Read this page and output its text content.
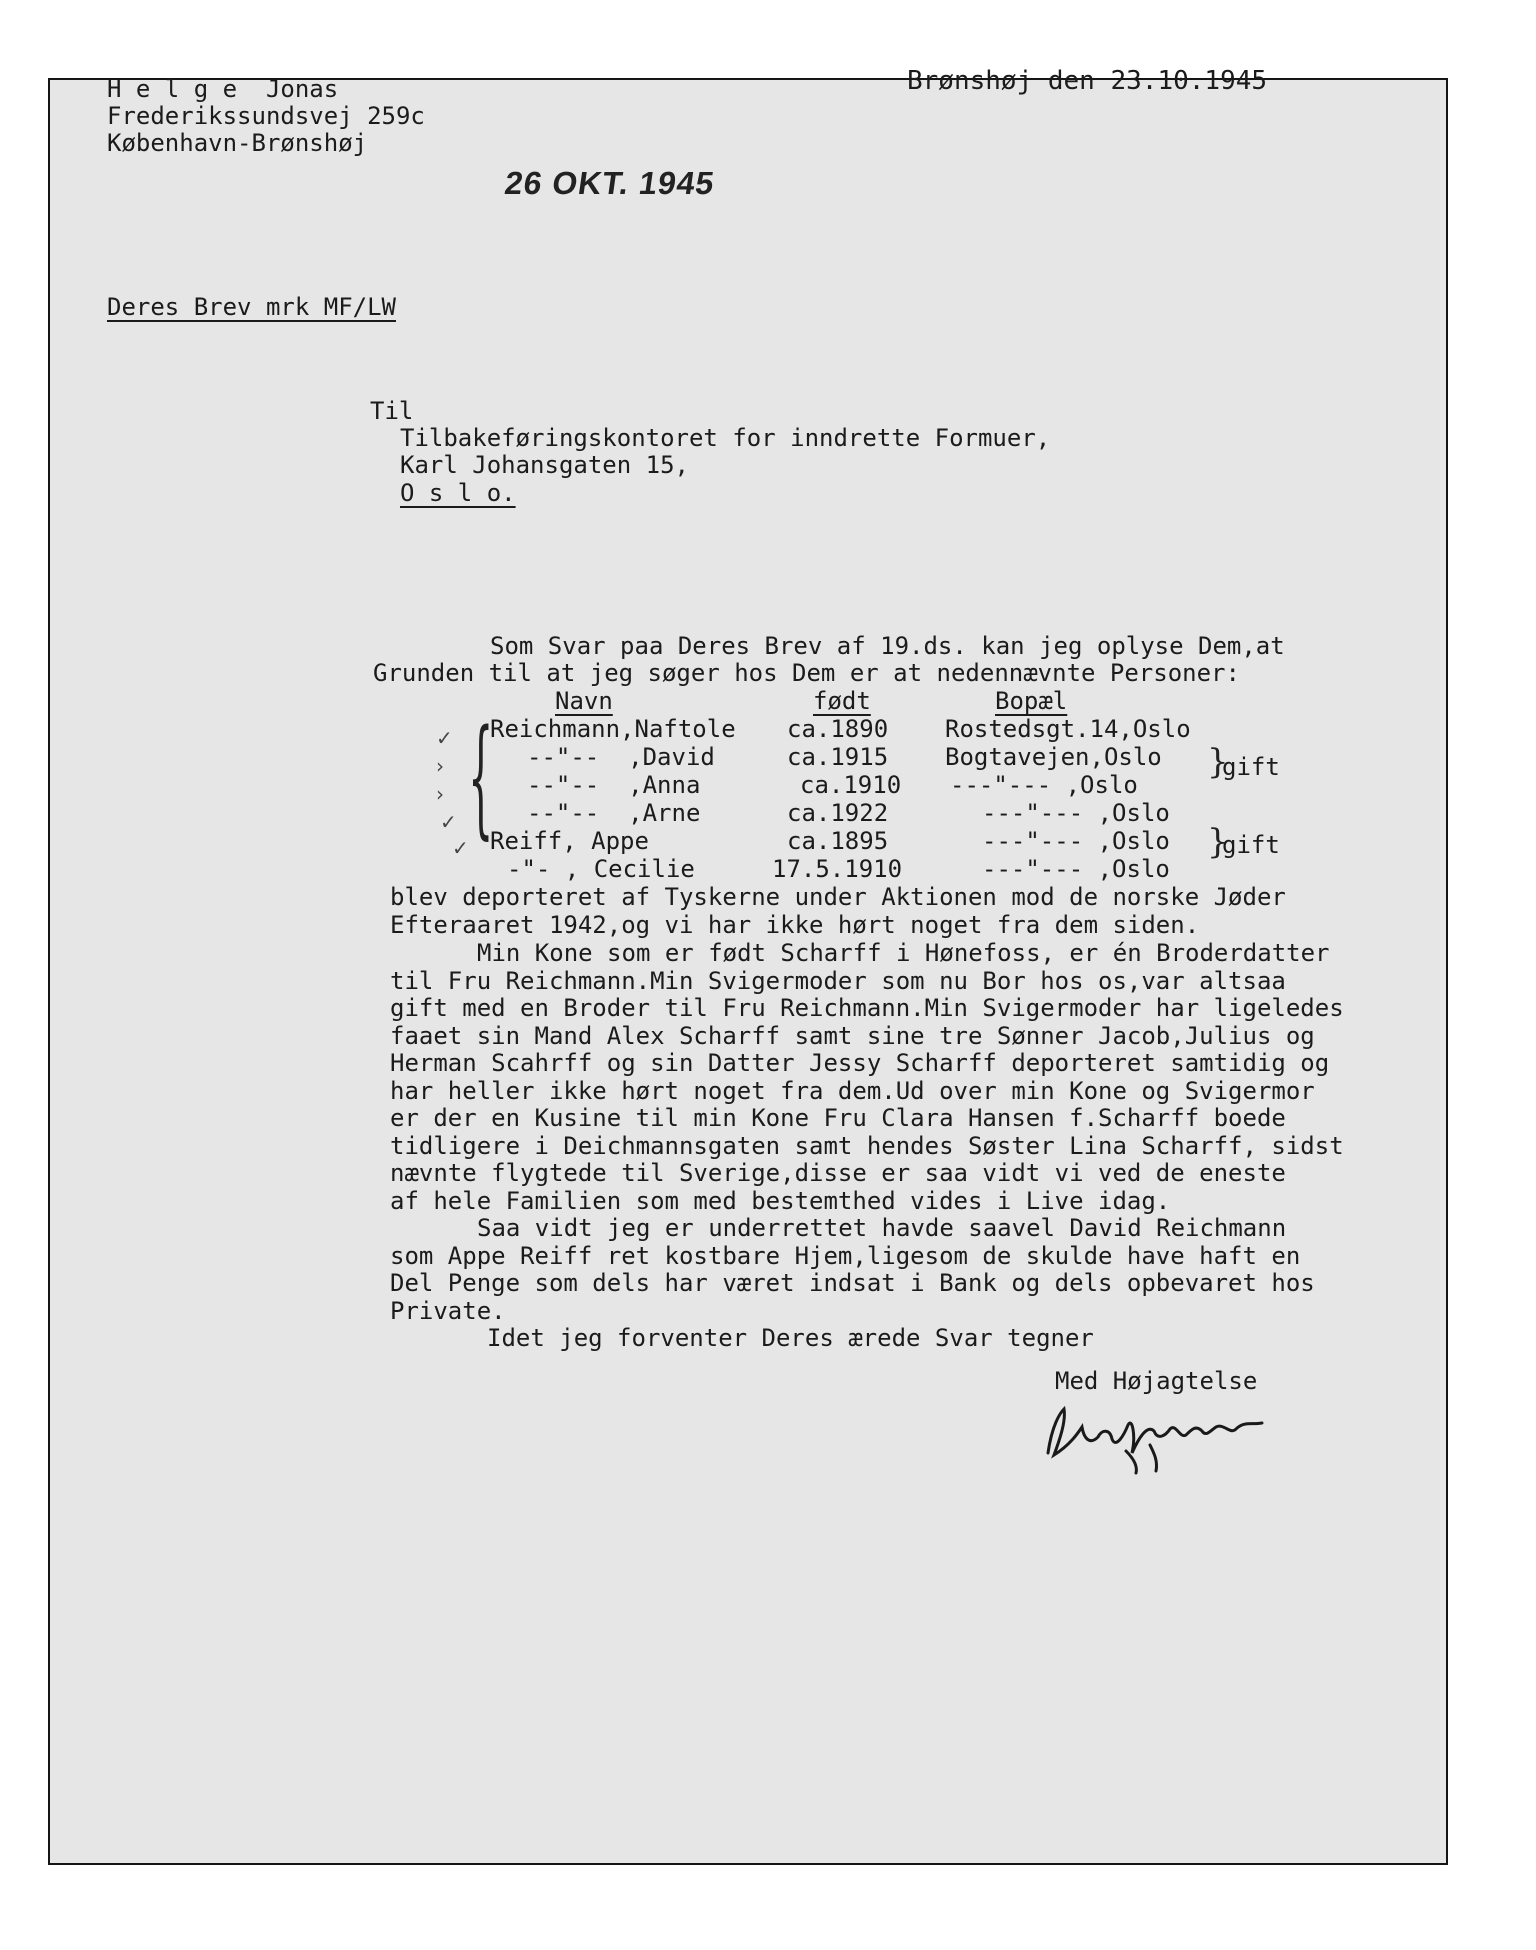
H e l g e  Jonas
Frederikssundsvej 259c
København-Brønshøj
Brønshøj den 23.10.1945
26 OKT. 1945
Deres Brev mrk MF/LW
Til
Tilbakeføringskontoret for inndrette Formuer,
Karl Johansgaten 15,
O s l o.
Som Svar paa Deres Brev af 19.ds. kan jeg oplyse Dem,at
Grunden til at jeg søger hos Dem er at nedennævnte Personer:
Navn	født	Bopæl
Reichmann,Naftole ca.1890 Rostedsgt.14,Oslo
--"--  ,David	ca.1915 Bogtavejen,Oslo
--"--  ,Anna	ca.1910 ---"--- ,Oslo
--"--  ,Arne	ca.1922	---"--- ,Oslo
Reiff, Appe	ca.1895	---"--- ,Oslo
-"- , Cecilie	17.5.1910	---"--- ,Oslo
{	}
gift
}
gift
✓
›
›
✓
✓
blev deporteret af Tyskerne under Aktionen mod de norske Jøder
Efteraaret 1942,og vi har ikke hørt noget fra dem siden.
Min Kone som er født Scharff i Hønefoss, er én Broderdatter
til Fru Reichmann.Min Svigermoder som nu Bor hos os,var altsaa
gift med en Broder til Fru Reichmann.Min Svigermoder har ligeledes
faaet sin Mand Alex Scharff samt sine tre Sønner Jacob,Julius og
Herman Scahrff og sin Datter Jessy Scharff deporteret samtidig og
har heller ikke hørt noget fra dem.Ud over min Kone og Svigermor
er der en Kusine til min Kone Fru Clara Hansen f.Scharff boede
tidligere i Deichmannsgaten samt hendes Søster Lina Scharff, sidst
nævnte flygtede til Sverige,disse er saa vidt vi ved de eneste
af hele Familien som med bestemthed vides i Live idag.
Saa vidt jeg er underrettet havde saavel David Reichmann
som Appe Reiff ret kostbare Hjem,ligesom de skulde have haft en
Del Penge som dels har været indsat i Bank og dels opbevaret hos
Private.
Idet jeg forventer Deres ærede Svar tegner
Med Højagtelse
